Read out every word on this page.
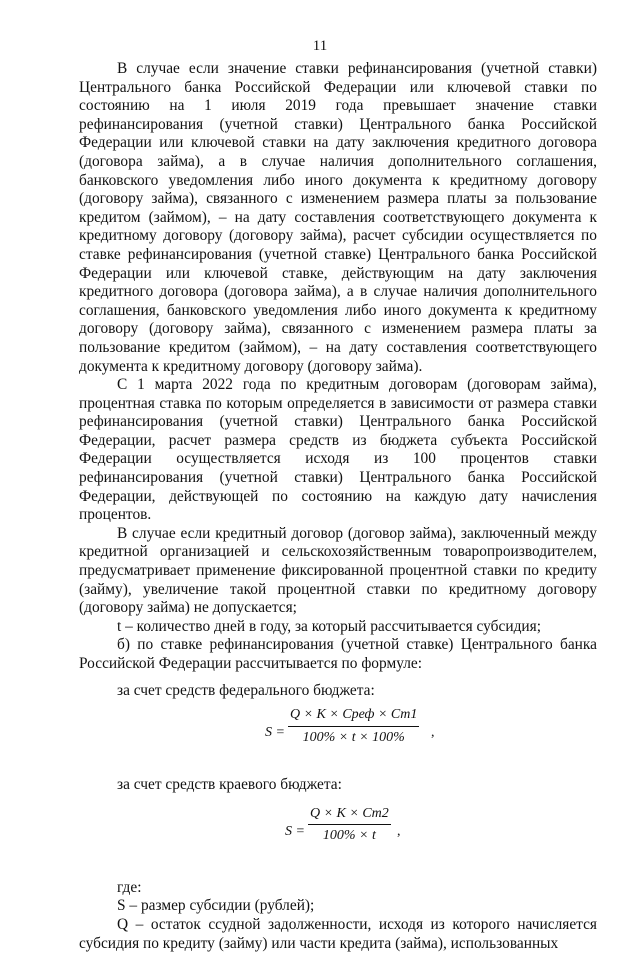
11

В случае если значение ставки рефинансирования (учетной ставки) Центрального банка Российской Федерации или ключевой ставки по состоянию на 1 июля 2019 года превышает значение ставки рефинансирования (учетной ставки) Центрального банка Российской Федерации или ключевой ставки на дату заключения кредитного договора (договора займа), а в случае наличия дополнительного соглашения, банковского уведомления либо иного документа к кредитному договору (договору займа), связанного с изменением размера платы за пользование кредитом (займом), – на дату составления соответствующего документа к кредитному договору (договору займа), расчет субсидии осуществляется по ставке рефинансирования (учетной ставке) Центрального банка Российской Федерации или ключевой ставке, действующим на дату заключения кредитного договора (договора займа), а в случае наличия дополнительного соглашения, банковского уведомления либо иного документа к кредитному договору (договору займа), связанного с изменением размера платы за пользование кредитом (займом), – на дату составления соответствующего документа к кредитному договору (договору займа).

С 1 марта 2022 года по кредитным договорам (договорам займа), процентная ставка по которым определяется в зависимости от размера ставки рефинансирования (учетной ставки) Центрального банка Российской Федерации, расчет размера средств из бюджета субъекта Российской Федерации осуществляется исходя из 100 процентов ставки рефинансирования (учетной ставки) Центрального банка Российской Федерации, действующей по состоянию на каждую дату начисления процентов.

В случае если кредитный договор (договор займа), заключенный между кредитной организацией и сельскохозяйственным товаропроизводителем, предусматривает применение фиксированной процентной ставки по кредиту (займу), увеличение такой процентной ставки по кредитному договору (договору займа) не допускается;

t – количество дней в году, за который рассчитывается субсидия;

б) по ставке рефинансирования (учетной ставке) Центрального банка Российской Федерации рассчитывается по формуле:

за счет средств федерального бюджета:

S =
Q × K × Cреф × Cт1
100% × t × 100%	,

за счет средств краевого бюджета:

S =
Q × K × Cт2
100% × t	,

где:

S – размер субсидии (рублей);

Q – остаток ссудной задолженности, исходя из которого начисляется субсидия по кредиту (займу) или части кредита (займа), использованных
